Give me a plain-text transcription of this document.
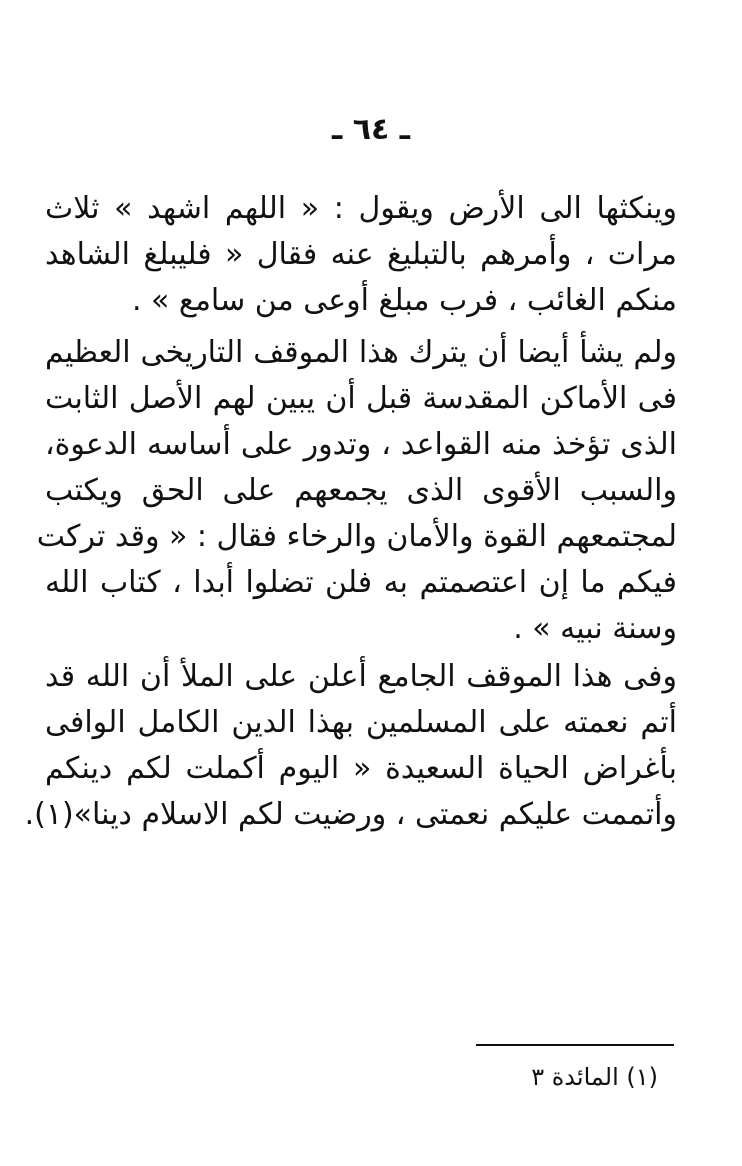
ـ ٦٤ ـ
وينكثها الى الأرض ويقول : « اللهم اشهد » ثلاث
مرات ، وأمرهم بالتبليغ عنه فقال « فليبلغ الشاهد
منكم الغائب ، فرب مبلغ أوعى من سامع » .
ولم يشأ أيضا أن يترك هذا الموقف التاريخى العظيم
فى الأماكن المقدسة قبل أن يبين لهم الأصل الثابت
الذى تؤخذ منه القواعد ، وتدور على أساسه الدعوة،
والسبب الأقوى الذى يجمعهم على الحق ويكتب
لمجتمعهم القوة والأمان والرخاء فقال : « وقد تركت
فيكم ما إن اعتصمتم به فلن تضلوا أبدا ، كتاب الله
وسنة نبيه » .
وفى هذا الموقف الجامع أعلن على الملأ أن الله قد
أتم نعمته على المسلمين بهذا الدين الكامل الوافى
بأغراض الحياة السعيدة « اليوم أكملت لكم دينكم
وأتممت عليكم نعمتى ، ورضيت لكم الاسلام دينا»(١).
(١) المائدة ٣
